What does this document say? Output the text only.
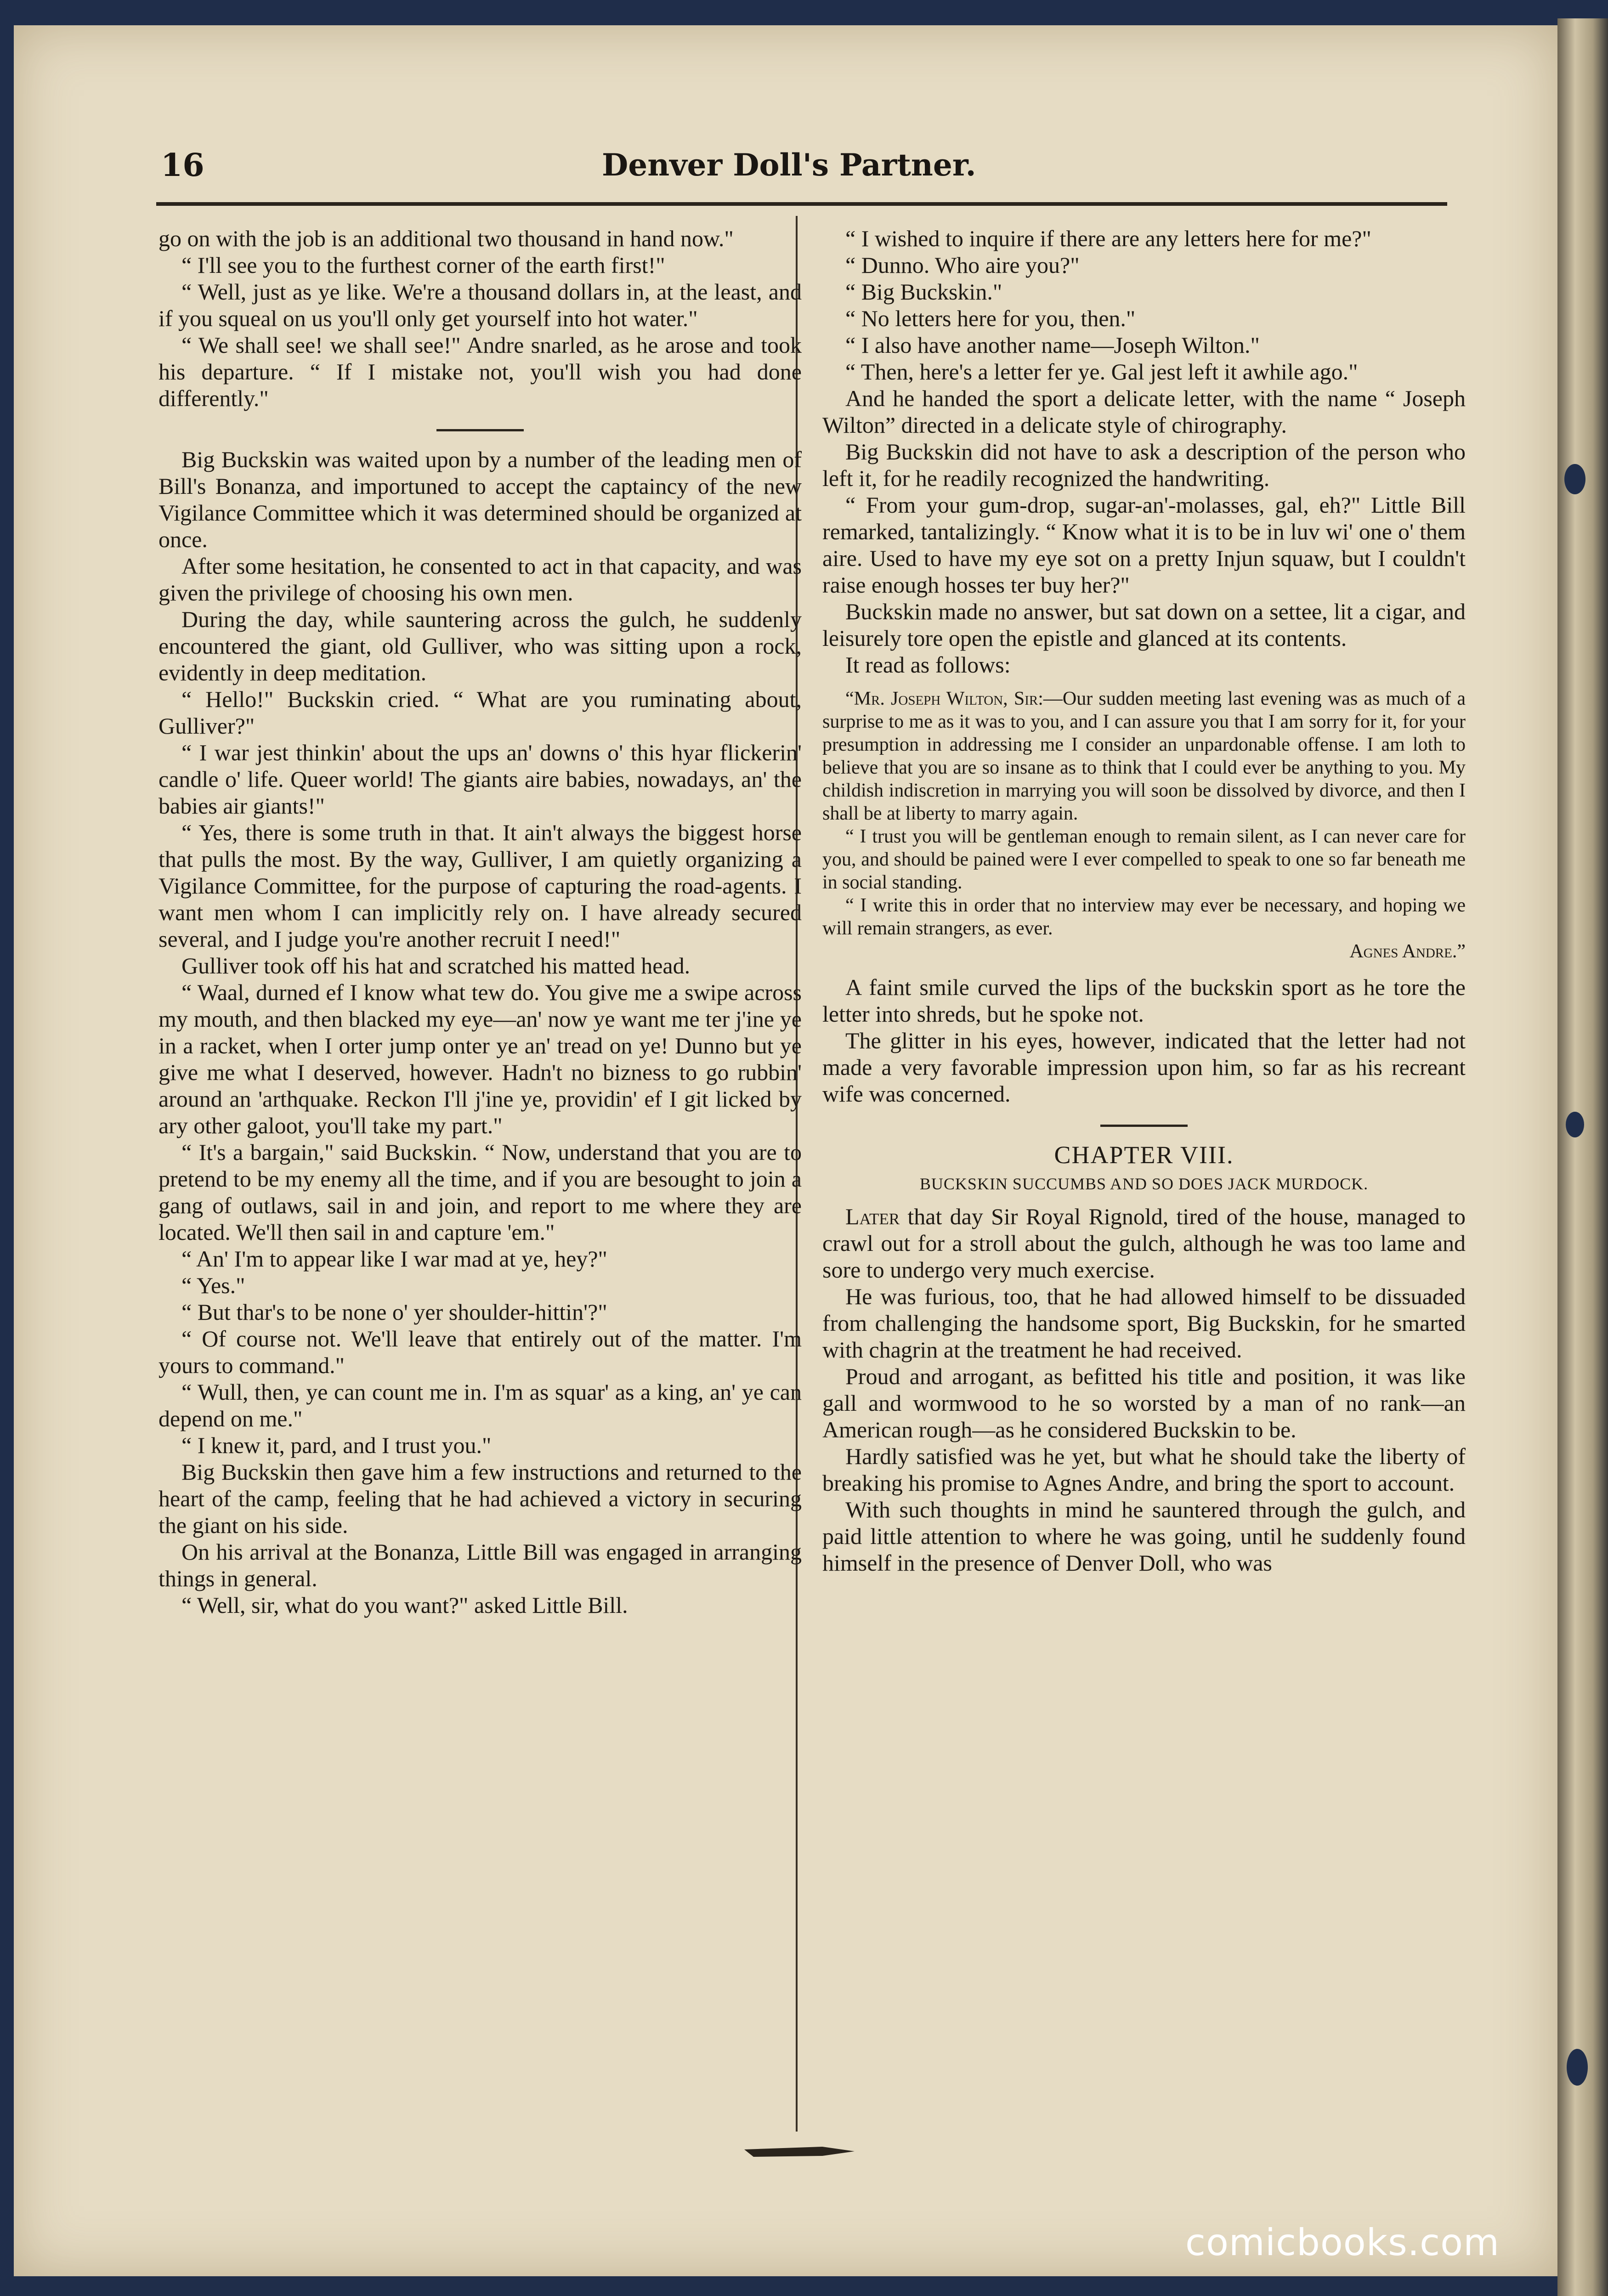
16	Denver Doll's Partner.

go on with the job is an additional two thousand in hand now."

“ I'll see you to the furthest corner of the earth first!"

“ Well, just as ye like. We're a thousand dollars in, at the least, and if you squeal on us you'll only get yourself into hot water."

“ We shall see! we shall see!" Andre snarled, as he arose and took his departure. “ If I mistake not, you'll wish you had done differently."

Big Buckskin was waited upon by a number of the leading men of Bill's Bonanza, and importuned to accept the captaincy of the new Vigilance Committee which it was determined should be organized at once.

After some hesitation, he consented to act in that capacity, and was given the privilege of choosing his own men.

During the day, while sauntering across the gulch, he suddenly encountered the giant, old Gulliver, who was sitting upon a rock, evidently in deep meditation.

“ Hello!" Buckskin cried. “ What are you ruminating about, Gulliver?"

“ I war jest thinkin' about the ups an' downs o' this hyar flickerin' candle o' life. Queer world! The giants aire babies, nowadays, an' the babies air giants!"

“ Yes, there is some truth in that. It ain't always the biggest horse that pulls the most. By the way, Gulliver, I am quietly organizing a Vigilance Committee, for the purpose of capturing the road-agents. I want men whom I can implicitly rely on. I have already secured several, and I judge you're another recruit I need!"

Gulliver took off his hat and scratched his matted head.

“ Waal, durned ef I know what tew do. You give me a swipe across my mouth, and then blacked my eye—an' now ye want me ter j'ine ye in a racket, when I orter jump onter ye an' tread on ye! Dunno but ye give me what I deserved, however. Hadn't no bizness to go rubbin' around an 'arthquake. Reckon I'll j'ine ye, providin' ef I git licked by ary other galoot, you'll take my part."

“ It's a bargain," said Buckskin. “ Now, understand that you are to pretend to be my enemy all the time, and if you are besought to join a gang of outlaws, sail in and join, and report to me where they are located. We'll then sail in and capture 'em."

“ An' I'm to appear like I war mad at ye, hey?"

“ Yes."

“ But thar's to be none o' yer shoulder-hittin'?"

“ Of course not. We'll leave that entirely out of the matter. I'm yours to command."

“ Wull, then, ye can count me in. I'm as squar' as a king, an' ye can depend on me."

“ I knew it, pard, and I trust you."

Big Buckskin then gave him a few instructions and returned to the heart of the camp, feeling that he had achieved a victory in securing the giant on his side.

On his arrival at the Bonanza, Little Bill was engaged in arranging things in general.

“ Well, sir, what do you want?" asked Little Bill.

“ I wished to inquire if there are any letters here for me?"

“ Dunno. Who aire you?"

“ Big Buckskin."

“ No letters here for you, then."

“ I also have another name—Joseph Wilton."

“ Then, here's a letter fer ye. Gal jest left it awhile ago."

And he handed the sport a delicate letter, with the name “ Joseph Wilton” directed in a delicate style of chirography.

Big Buckskin did not have to ask a description of the person who left it, for he readily recognized the handwriting.

“ From your gum-drop, sugar-an'-molasses, gal, eh?" Little Bill remarked, tantalizingly. “ Know what it is to be in luv wi' one o' them aire. Used to have my eye sot on a pretty Injun squaw, but I couldn't raise enough hosses ter buy her?"

Buckskin made no answer, but sat down on a settee, lit a cigar, and leisurely tore open the epistle and glanced at its contents.

It read as follows:

“Mr. Joseph Wilton, Sir:—Our sudden meeting last evening was as much of a surprise to me as it was to you, and I can assure you that I am sorry for it, for your presumption in addressing me I consider an unpardonable offense. I am loth to believe that you are so insane as to think that I could ever be anything to you. My childish indiscretion in marrying you will soon be dissolved by divorce, and then I shall be at liberty to marry again.

“ I trust you will be gentleman enough to remain silent, as I can never care for you, and should be pained were I ever compelled to speak to one so far beneath me in social standing.

“ I write this in order that no interview may ever be necessary, and hoping we will remain strangers, as ever.

Agnes Andre.”

A faint smile curved the lips of the buckskin sport as he tore the letter into shreds, but he spoke not.

The glitter in his eyes, however, indicated that the letter had not made a very favorable impression upon him, so far as his recreant wife was concerned.

CHAPTER VIII.
BUCKSKIN SUCCUMBS AND SO DOES JACK MURDOCK.

Later that day Sir Royal Rignold, tired of the house, managed to crawl out for a stroll about the gulch, although he was too lame and sore to undergo very much exercise.

He was furious, too, that he had allowed himself to be dissuaded from challenging the handsome sport, Big Buckskin, for he smarted with chagrin at the treatment he had received.

Proud and arrogant, as befitted his title and position, it was like gall and wormwood to he so worsted by a man of no rank—an American rough—as he considered Buckskin to be.

Hardly satisfied was he yet, but what he should take the liberty of breaking his promise to Agnes Andre, and bring the sport to account.

With such thoughts in mind he sauntered through the gulch, and paid little attention to where he was going, until he suddenly found himself in the presence of Denver Doll, who was

comicbooks.com
